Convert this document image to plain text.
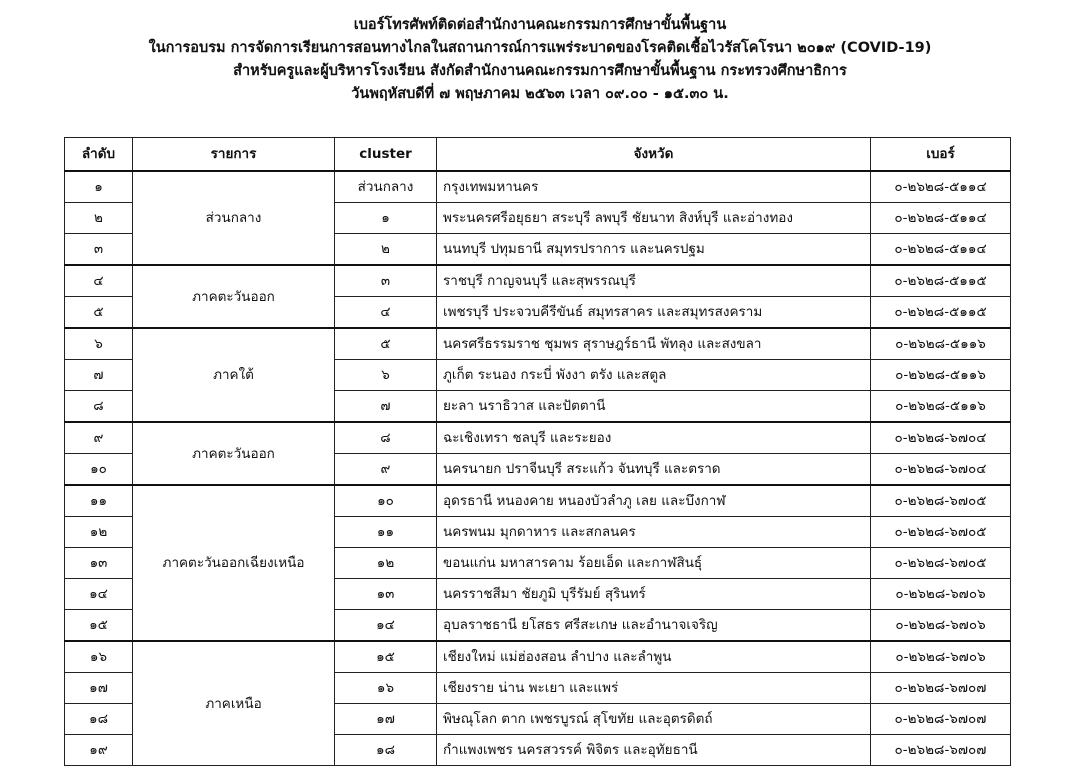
เบอร์โทรศัพท์ติดต่อสำนักงานคณะกรรมการศึกษาขั้นพื้นฐาน
ในการอบรม การจัดการเรียนการสอนทางไกลในสถานการณ์การแพร่ระบาดของโรคติดเชื้อไวรัสโคโรนา ๒๐๑๙ (COVID-19)
สำหรับครูและผู้บริหารโรงเรียน สังกัดสำนักงานคณะกรรมการศึกษาขั้นพื้นฐาน กระทรวงศึกษาธิการ
วันพฤหัสบดีที่ ๗ พฤษภาคม ๒๕๖๓ เวลา ๐๙.๐๐ - ๑๕.๓๐ น.
ลำดับ	รายการ	cluster	จังหวัด	เบอร์
๑	ส่วนกลาง	ส่วนกลาง	กรุงเทพมหานคร	๐-๒๖๒๘-๕๑๑๔
๒		๑	พระนครศรีอยุธยา สระบุรี ลพบุรี ชัยนาท สิงห์บุรี และอ่างทอง	๐-๒๖๒๘-๕๑๑๔
๓		๒	นนทบุรี ปทุมธานี สมุทรปราการ และนครปฐม	๐-๒๖๒๘-๕๑๑๔
๔	ภาคตะวันออก	๓	ราชบุรี กาญจนบุรี และสุพรรณบุรี	๐-๒๖๒๘-๕๑๑๕
๕		๔	เพชรบุรี ประจวบคีรีขันธ์ สมุทรสาคร และสมุทรสงคราม	๐-๒๖๒๘-๕๑๑๕
๖	ภาคใต้	๕	นครศรีธรรมราช ชุมพร สุราษฎร์ธานี พัทลุง และสงขลา	๐-๒๖๒๘-๕๑๑๖
๗		๖	ภูเก็ต ระนอง กระบี่ พังงา ตรัง และสตูล	๐-๒๖๒๘-๕๑๑๖
๘		๗	ยะลา นราธิวาส และปัตตานี	๐-๒๖๒๘-๕๑๑๖
๙	ภาคตะวันออก	๘	ฉะเชิงเทรา ชลบุรี และระยอง	๐-๒๖๒๘-๖๗๐๔
๑๐		๙	นครนายก ปราจีนบุรี สระแก้ว จันทบุรี และตราด	๐-๒๖๒๘-๖๗๐๔
๑๑	ภาคตะวันออกเฉียงเหนือ	๑๐	อุดรธานี หนองคาย หนองบัวลำภู เลย และบึงกาฬ	๐-๒๖๒๘-๖๗๐๕
๑๒		๑๑	นครพนม มุกดาหาร และสกลนคร	๐-๒๖๒๘-๖๗๐๕
๑๓		๑๒	ขอนแก่น มหาสารคาม ร้อยเอ็ด และกาฬสินธุ์	๐-๒๖๒๘-๖๗๐๕
๑๔		๑๓	นครราชสีมา ชัยภูมิ บุรีรัมย์ สุรินทร์	๐-๒๖๒๘-๖๗๐๖
๑๕		๑๔	อุบลราชธานี ยโสธร ศรีสะเกษ และอำนาจเจริญ	๐-๒๖๒๘-๖๗๐๖
๑๖	ภาคเหนือ	๑๕	เชียงใหม่ แม่ฮ่องสอน ลำปาง และลำพูน	๐-๒๖๒๘-๖๗๐๖
๑๗		๑๖	เชียงราย น่าน พะเยา และแพร่	๐-๒๖๒๘-๖๗๐๗
๑๘		๑๗	พิษณุโลก ตาก เพชรบูรณ์ สุโขทัย และอุตรดิตถ์	๐-๒๖๒๘-๖๗๐๗
๑๙		๑๘	กำแพงเพชร นครสวรรค์ พิจิตร และอุทัยธานี	๐-๒๖๒๘-๖๗๐๗
